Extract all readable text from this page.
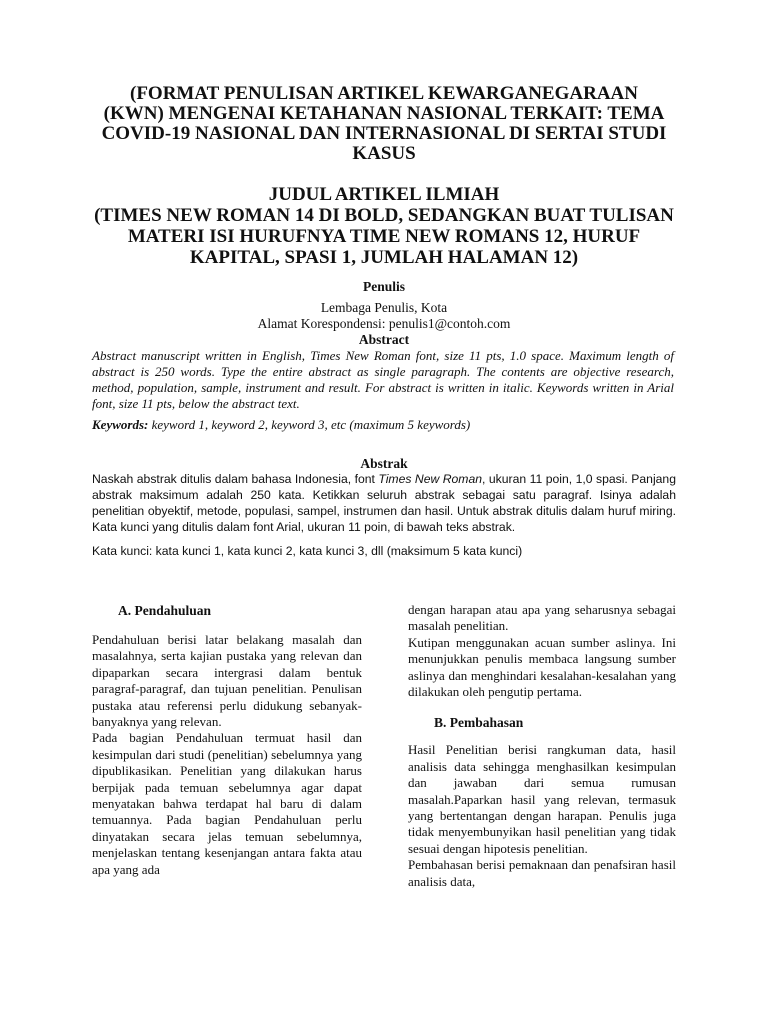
(FORMAT PENULISAN ARTIKEL KEWARGANEGARAAN (KWN) MENGENAI KETAHANAN NASIONAL TERKAIT: TEMA COVID-19 NASIONAL DAN INTERNASIONAL DI SERTAI STUDI KASUS
JUDUL ARTIKEL ILMIAH
(TIMES NEW ROMAN 14 DI BOLD, SEDANGKAN BUAT TULISAN MATERI ISI HURUFNYA TIME NEW ROMANS 12, HURUF KAPITAL, SPASI 1, JUMLAH HALAMAN 12)
Penulis
Lembaga Penulis, Kota
Alamat Korespondensi: penulis1@contoh.com
Abstract
Abstract manuscript written in English, Times New Roman font, size 11 pts, 1.0 space. Maximum length of abstract is 250 words. Type the entire abstract as single paragraph. The contents are objective research, method, population, sample, instrument and result. For abstract is written in italic. Keywords written in Arial font, size 11 pts, below the abstract text.
Keywords: keyword 1, keyword 2, keyword 3, etc (maximum 5 keywords)
Abstrak
Naskah abstrak ditulis dalam bahasa Indonesia, font Times New Roman, ukuran 11 poin, 1,0 spasi. Panjang abstrak maksimum adalah 250 kata. Ketikkan seluruh abstrak sebagai satu paragraf. Isinya adalah penelitian obyektif, metode, populasi, sampel, instrumen dan hasil. Untuk abstrak ditulis dalam huruf miring. Kata kunci yang ditulis dalam font Arial, ukuran 11 poin, di bawah teks abstrak.
Kata kunci: kata kunci 1, kata kunci 2, kata kunci 3, dll (maksimum 5 kata kunci)
A. Pendahuluan

Pendahuluan berisi latar belakang masalah dan masalahnya, serta kajian pustaka yang relevan dan dipaparkan secara intergrasi dalam bentuk paragraf-paragraf, dan tujuan penelitian. Penulisan pustaka atau referensi perlu didukung sebanyak-banyaknya yang relevan.

Pada bagian Pendahuluan termuat hasil dan kesimpulan dari studi (penelitian) sebelumnya yang dipublikasikan. Penelitian yang dilakukan harus berpijak pada temuan sebelumnya agar dapat menyatakan bahwa terdapat hal baru di dalam temuannya. Pada bagian Pendahuluan perlu dinyatakan secara jelas temuan sebelumnya, menjelaskan tentang kesenjangan antara fakta atau apa yang ada

dengan harapan atau apa yang seharusnya sebagai masalah penelitian.

Kutipan menggunakan acuan sumber aslinya. Ini menunjukkan penulis membaca langsung sumber aslinya dan menghindari kesalahan-kesalahan yang dilakukan oleh pengutip pertama.

B. Pembahasan

Hasil Penelitian berisi rangkuman data, hasil analisis data sehingga menghasilkan kesimpulan dan jawaban dari semua rumusan masalah.Paparkan hasil yang relevan, termasuk yang bertentangan dengan harapan. Penulis juga tidak menyembunyikan hasil penelitian yang tidak sesuai dengan hipotesis penelitian.

Pembahasan berisi pemaknaan dan penafsiran hasil analisis data,
